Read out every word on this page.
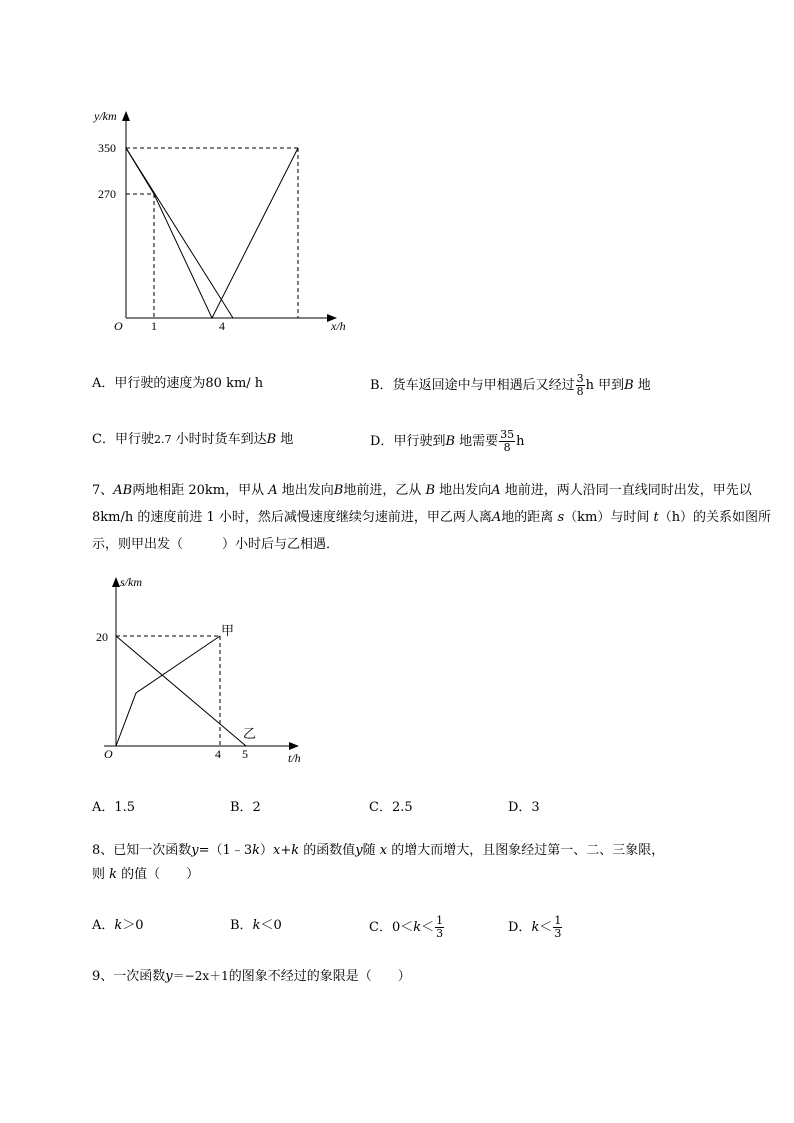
y/km
350
270
O 1	4	x/h
A．甲行驶的速度为80 km/ h	B．货车返回途中与甲相遇后又经过 $\frac{3}{8}$ h 甲到B 地
C．甲行驶2.7 小时时货车到达B 地	D．甲行驶到B 地需要 $\frac{35}{8}$ h
7、AB两地相距 20km，甲从 A 地出发向B地前进，乙从 B 地出发向A 地前进，两人沿同一直线同时出发，甲先以 8km/h 的速度前进 1 小时，然后减慢速度继续匀速前进，甲乙两人离A地的距离 s（km）与时间 t（h）的关系如图所示，则甲出发（　　　）小时后与乙相遇．
s/km
20	甲
乙
O	4 5	t/h
A．1.5	B．2	C．2.5	D．3
8、已知一次函数y=（1﹣3k）x+k 的函数值y随 x 的增大而增大，且图象经过第一、二、三象限，
则 k 的值（　　）
A．k＞0	B．k＜0	C．$0<k< \frac{1}{3}$	D．$k< \frac{1}{3}$
9、一次函数y＝−2x＋1的图象不经过的象限是（　　）
